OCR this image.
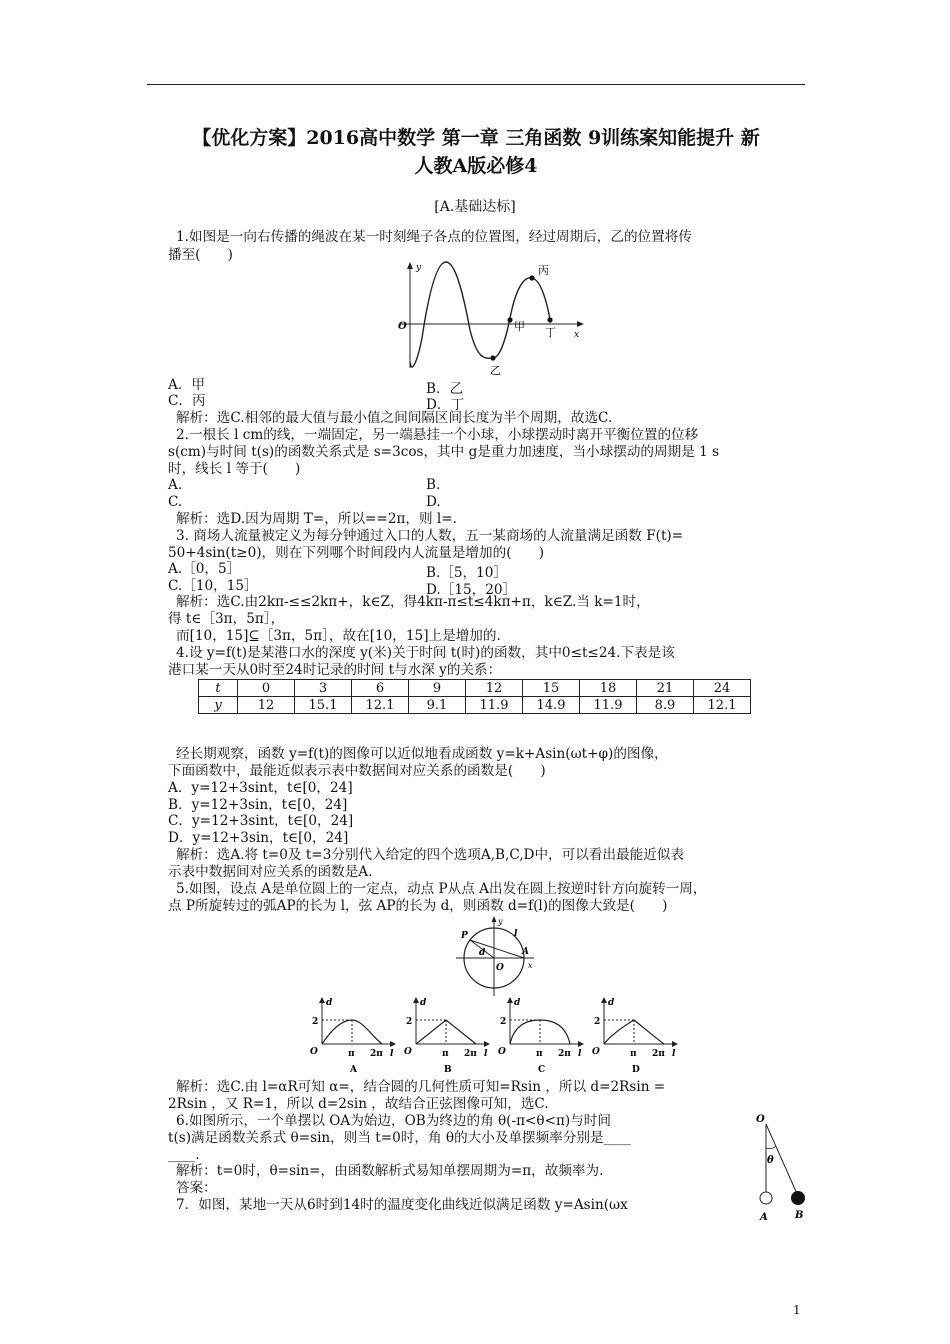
【优化方案】2016高中数学 第一章 三角函数 9训练案知能提升 新
人教A版必修4
[A.基础达标]
1.如图是一向右传播的绳波在某一时刻绳子各点的位置图，经过周期后，乙的位置将传
播至(　　)
y
x
O	甲
乙
丙
丁
A．甲	B．乙
C．丙	D．丁
解析：选C.相邻的最大值与最小值之间间隔区间长度为半个周期，故选C.
2.一根长 l cm的线，一端固定，另一端悬挂一个小球，小球摆动时离开平衡位置的位移
s(cm)与时间 t(s)的函数关系式是 s=3cos，其中 g是重力加速度，当小球摆动的周期是 1 s
时，线长 l 等于(　　)
A.	B.
C.	D.
解析：选D.因为周期 T=，所以==2π，则 l=.
3. 商场人流量被定义为每分钟通过入口的人数，五一某商场的人流量满足函数 F(t)=
50+4sin(t≥0)，则在下列哪个时间段内人流量是增加的(　　)
A.［0，5］	B.［5，10］
C.［10，15］	D.［15，20］
解析：选C.由2kπ-≤≤2kπ+，k∈Z，得4kπ-π≤t≤4kπ+π，k∈Z.当 k=1时，
得 t∈［3π，5π］，
而[10，15]⊆［3π，5π］，故在[10，15]上是增加的.
4.设 y=f(t)是某港口水的深度 y(米)关于时间 t(时)的函数，其中0≤t≤24.下表是该
港口某一天从0时至24时记录的时间 t与水深 y的关系：
t	0	3	6	9	12	15	18	21	24
y	12	15.1	12.1	9.1	11.9	14.9	11.9	8.9	12.1
经长期观察，函数 y=f(t)的图像可以近似地看成函数 y=k+Asin(ωt+φ)的图像，
下面函数中，最能近似表示表中数据间对应关系的函数是(　　)
A．y=12+3sint，t∈[0，24]
B．y=12+3sin，t∈[0，24]
C．y=12+3sint，t∈[0，24]
D．y=12+3sin，t∈[0，24]
解析：选A.将 t=0及 t=3分别代入给定的四个选项A,B,C,D中，可以看出最能近似表
示表中数据间对应关系的函数是A.
5.如图，设点 A是单位圆上的一定点，动点 P从点 A出发在圆上按逆时针方向旋转一周，
点 P所旋转过的弧AP的长为 l，弦 AP的长为 d，则函数 d=f(l)的图像大致是(　　)
y
x
O
P
A
d
l
O
2
d
π 2π l
A
O
2
d
π 2π l
B
O
2
d
π 2π l
C
O
2
d
π 2π l
D
解析：选C.由 l=αR可知 α=，结合圆的几何性质可知=Rsin ，所以 d=2Rsin =
2Rsin ，又 R=1，所以 d=2sin ，故结合正弦图像可知，选C.
6.如图所示，一个单摆以 OA为始边，OB为终边的角 θ(-π<θ<π)与时间
t(s)满足函数关系式 θ=sin，则当 t=0时，角 θ的大小及单摆频率分别是____
____.
解析：t=0时，θ=sin=，由函数解析式易知单摆周期为=π，故频率为.
答案：
O
θ
A	B
7．如图，某地一天从6时到14时的温度变化曲线近似满足函数 y=Asin(ωx
1
